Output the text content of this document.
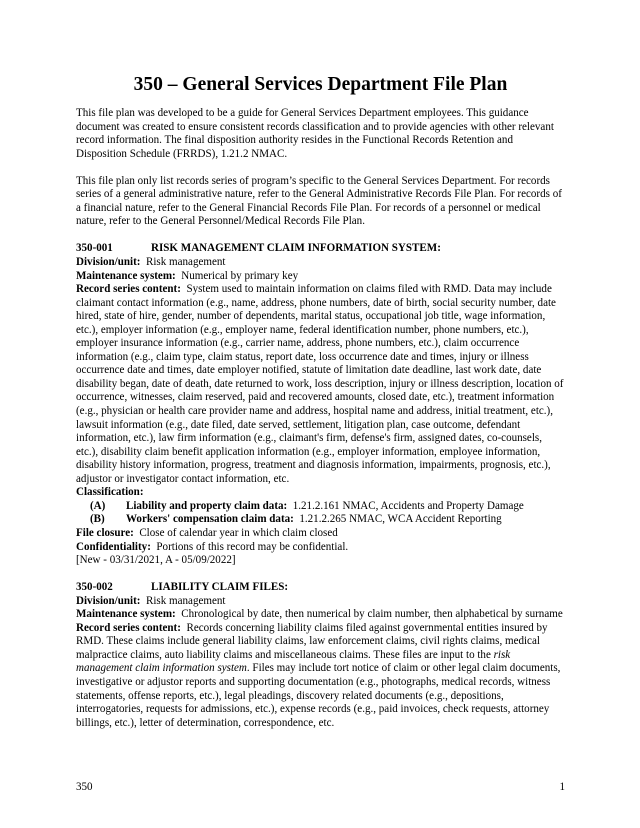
350 – General Services Department File Plan

This file plan was developed to be a guide for General Services Department employees. This guidance document was created to ensure consistent records classification and to provide agencies with other relevant record information. The final disposition authority resides in the Functional Records Retention and Disposition Schedule (FRRDS), 1.21.2 NMAC.

This file plan only list records series of program’s specific to the General Services Department. For records series of a general administrative nature, refer to the General Administrative Records File Plan. For records of a financial nature, refer to the General Financial Records File Plan. For records of a personnel or medical nature, refer to the General Personnel/Medical Records File Plan.

350-001	RISK MANAGEMENT CLAIM INFORMATION SYSTEM:

Division/unit: Risk management

Maintenance system: Numerical by primary key

Record series content: System used to maintain information on claims filed with RMD. Data may include claimant contact information (e.g., name, address, phone numbers, date of birth, social security number, date hired, state of hire, gender, number of dependents, marital status, occupational job title, wage information, etc.), employer information (e.g., employer name, federal identification number, phone numbers, etc.), employer insurance information (e.g., carrier name, address, phone numbers, etc.), claim occurrence information (e.g., claim type, claim status, report date, loss occurrence date and times, injury or illness occurrence date and times, date employer notified, statute of limitation date deadline, last work date, date disability began, date of death, date returned to work, loss description, injury or illness description, location of occurrence, witnesses, claim reserved, paid and recovered amounts, closed date, etc.), treatment information (e.g., physician or health care provider name and address, hospital name and address, initial treatment, etc.), lawsuit information (e.g., date filed, date served, settlement, litigation plan, case outcome, defendant information, etc.), law firm information (e.g., claimant's firm, defense's firm, assigned dates, co-counsels, etc.), disability claim benefit application information (e.g., employer information, employee information, disability history information, progress, treatment and diagnosis information, impairments, prognosis, etc.), adjustor or investigator contact information, etc.

Classification:

(A) Liability and property claim data: 1.21.2.161 NMAC, Accidents and Property Damage

(B) Workers' compensation claim data: 1.21.2.265 NMAC, WCA Accident Reporting

File closure: Close of calendar year in which claim closed

Confidentiality: Portions of this record may be confidential.

[New - 03/31/2021, A - 05/09/2022]

350-002	LIABILITY CLAIM FILES:

Division/unit: Risk management

Maintenance system: Chronological by date, then numerical by claim number, then alphabetical by surname

Record series content: Records concerning liability claims filed against governmental entities insured by RMD. These claims include general liability claims, law enforcement claims, civil rights claims, medical malpractice claims, auto liability claims and miscellaneous claims. These files are input to the risk management claim information system. Files may include tort notice of claim or other legal claim documents, investigative or adjustor reports and supporting documentation (e.g., photographs, medical records, witness statements, offense reports, etc.), legal pleadings, discovery related documents (e.g., depositions, interrogatories, requests for admissions, etc.), expense records (e.g., paid invoices, check requests, attorney billings, etc.), letter of determination, correspondence, etc.

350	1
